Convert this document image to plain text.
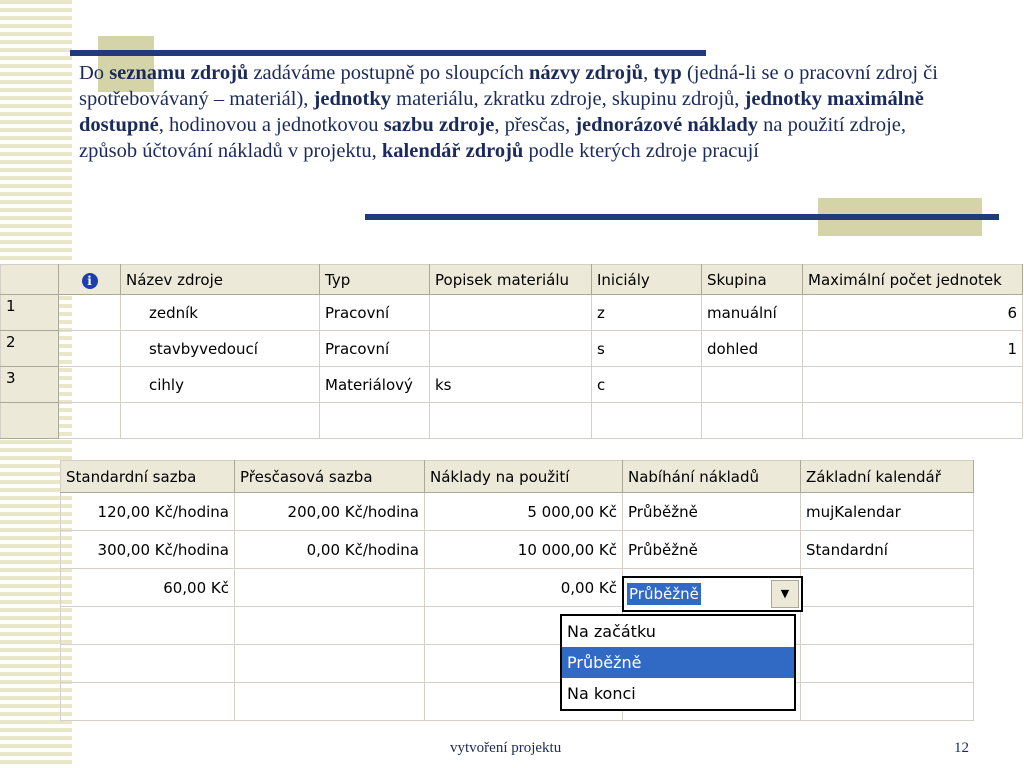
Do seznamu zdrojů zadáváme postupně po sloupcích názvy zdrojů, typ (jedná-li se o pracovní zdroj či spotřebovávaný – materiál), jednotky materiálu, zkratku zdroje, skupinu zdrojů, jednotky maximálně dostupné, hodinovou a jednotkovou sazbu zdroje, přesčas, jednorázové náklady na použití zdroje, způsob účtování nákladů v projektu, kalendář zdrojů podle kterých zdroje pracují
	i	Název zdroje	Typ	Popisek materiálu	Iniciály	Skupina	Maximální počet jednotek
1		zedník	Pracovní		z	manuální	6
2		stavbyvedoucí	Pracovní		s	dohled	1
3		cihly	Materiálový	ks	c		

Standardní sazba	Přesčasová sazba	Náklady na použití	Nabíhání nákladů	Základní kalendář
120,00 Kč/hodina	200,00 Kč/hodina	5 000,00 Kč	Průběžně	mujKalendar
300,00 Kč/hodina	0,00 Kč/hodina	10 000,00 Kč	Průběžně	Standardní
60,00 Kč		0,00 Kč		

				Průběžně	▼
Na začátku
Průběžně
Na konci
vytvoření projektu	12
